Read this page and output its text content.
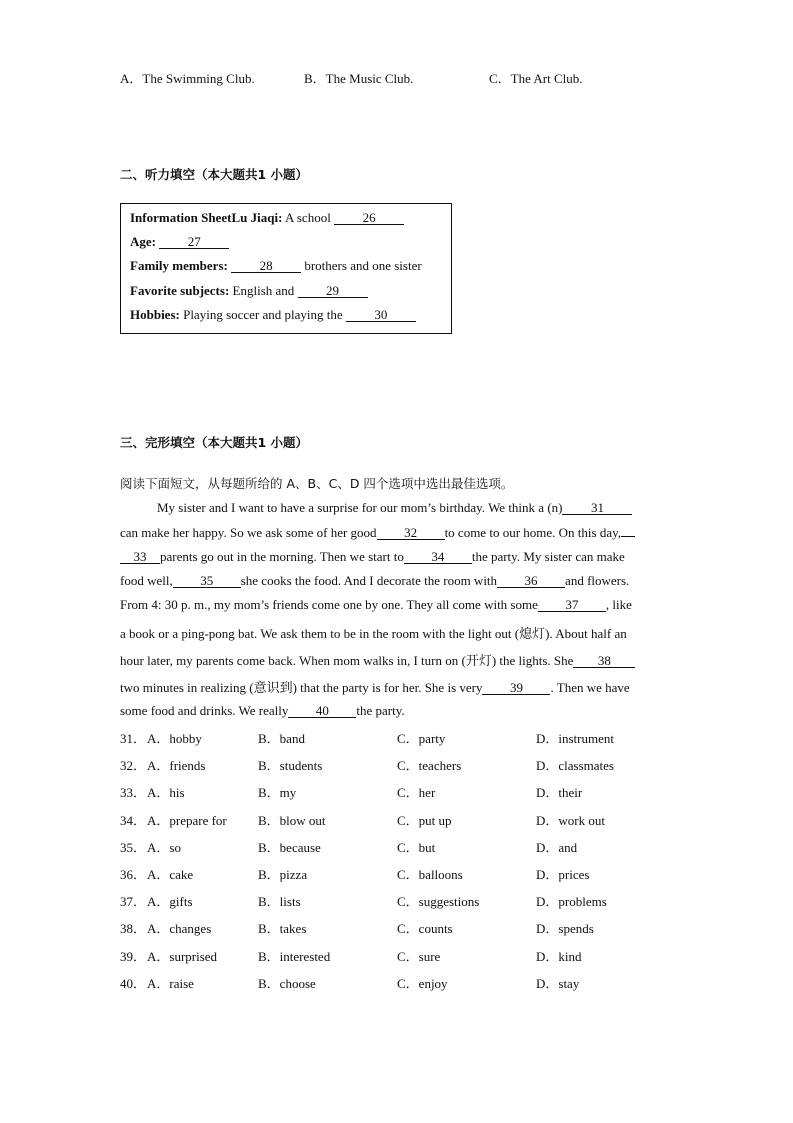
A．The Swimming Club.	B．The Music Club.	C．The Art Club.
二、听力填空（本大题共1 小题）
Information SheetLu Jiaqi: A school 26
Age: 27
Family members: 28 brothers and one sister
Favorite subjects: English and 29
Hobbies: Playing soccer and playing the 30
三、完形填空（本大题共1 小题）
阅读下面短文，从每题所给的 A、B、C、D 四个选项中选出最佳选项。
My sister and I want to have a surprise for our mom’s birthday. We think a (n) 31
can make her happy. So we ask some of her good 32 to come to our home. On this day,
33 parents go out in the morning. Then we start to 34 the party. My sister can make
food well, 35 she cooks the food. And I decorate the room with 36 and flowers.
From 4: 30 p. m., my mom’s friends come one by one. They all come with some 37 , like
a book or a ping-pong bat. We ask them to be in the room with the light out (熄灯). About half an
hour later, my parents come back. When mom walks in, I turn on (开灯) the lights. She 38
two minutes in realizing (意识到) that the party is for her. She is very 39 . Then we have
some food and drinks. We really 40 the party.
31． A．hobby	B．band	C．party	D．instrument
32． A．friends	B．students	C．teachers	D．classmates
33． A．his	B．my	C．her	D．their
34． A．prepare for B．blow out	C．put up	D．work out
35． A．so	B．because	C．but	D．and
36． A．cake	B．pizza	C．balloons	D．prices
37． A．gifts	B．lists	C．suggestions	D．problems
38． A．changes	B．takes	C．counts	D．spends
39． A．surprised	B．interested	C．sure	D．kind
40． A．raise	B．choose	C．enjoy	D．stay
